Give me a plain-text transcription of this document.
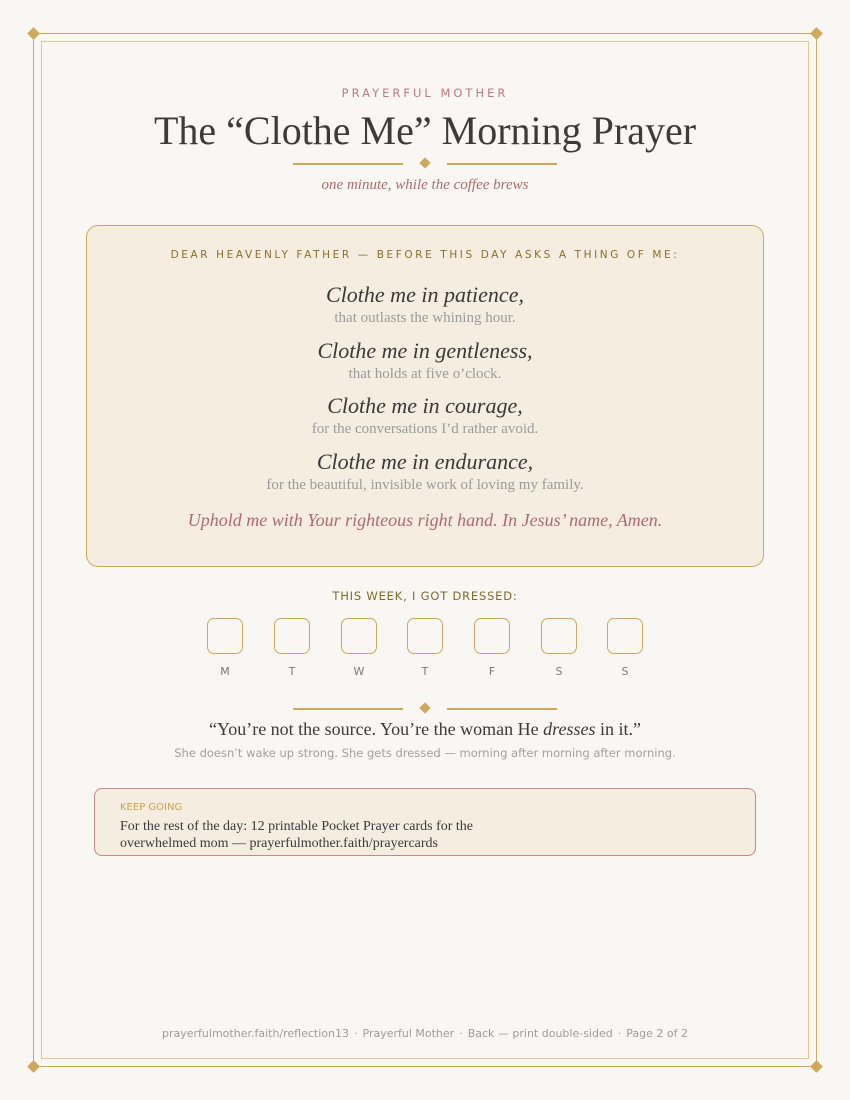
PRAYERFUL MOTHER
The “Clothe Me” Morning Prayer
one minute, while the coffee brews
DEAR HEAVENLY FATHER — BEFORE THIS DAY ASKS A THING OF ME:
Clothe me in patience,
that outlasts the whining hour.
Clothe me in gentleness,
that holds at five o’clock.
Clothe me in courage,
for the conversations I’d rather avoid.
Clothe me in endurance,
for the beautiful, invisible work of loving my family.
Uphold me with Your righteous right hand. In Jesus’ name, Amen.
THIS WEEK, I GOT DRESSED:
M	T	W	T	F	S	S
“You’re not the source. You’re the woman He dresses in it.”
She doesn’t wake up strong. She gets dressed — morning after morning after morning.
KEEP GOING
For the rest of the day: 12 printable Pocket Prayer cards for the overwhelmed mom — prayerfulmother.faith/prayercards
prayerfulmother.faith/reflection13 · Prayerful Mother · Back — print double-sided · Page 2 of 2
